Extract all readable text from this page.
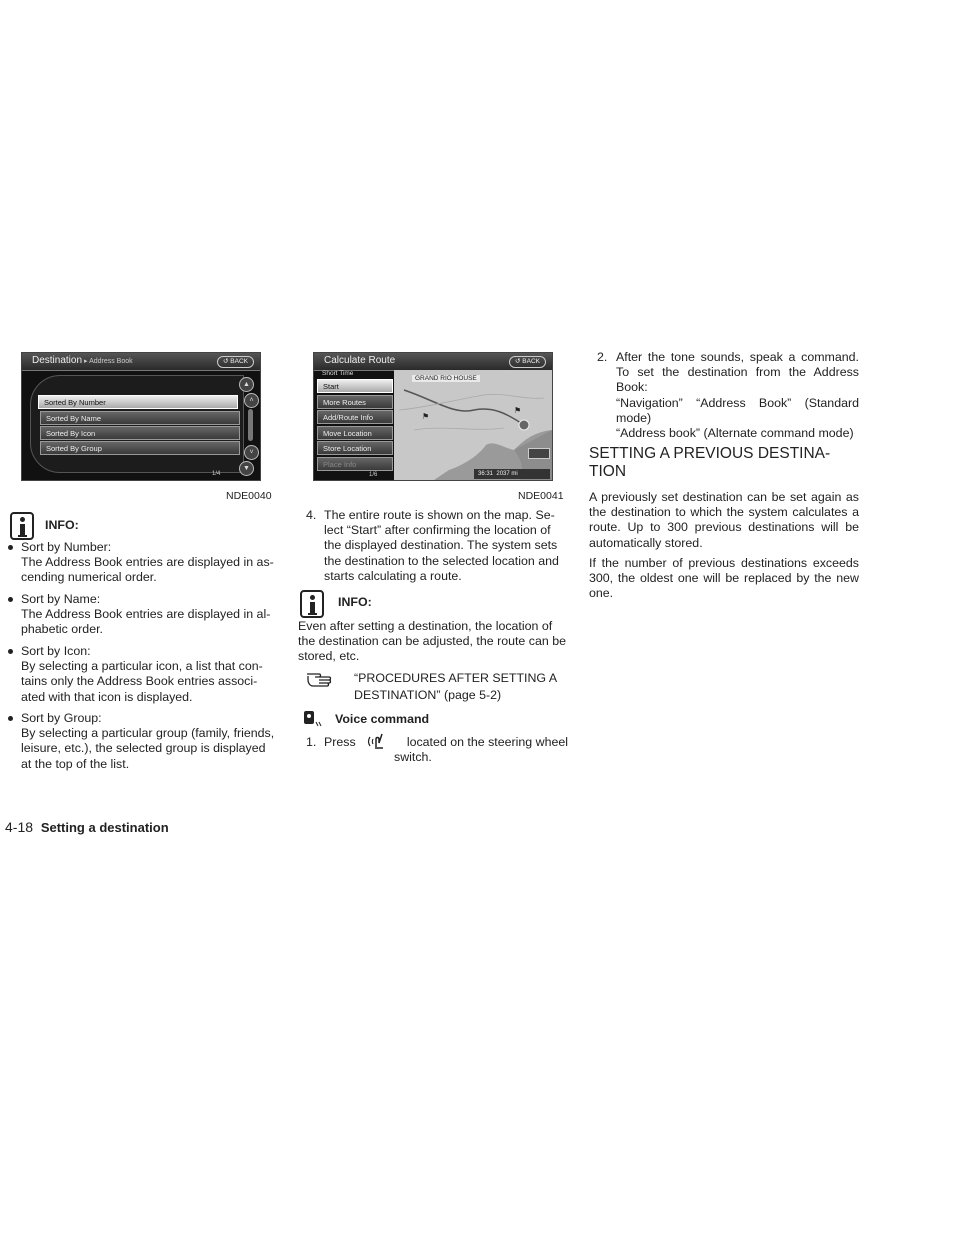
Destination ▸ Address Book	↺ BACK
Sorted By Number
Sorted By Name
Sorted By Icon
Sorted By Group
▲
˄
˅
▼
1/4
NDE0040
Calculate Route	↺ BACK
GRAND RIO HOUSE
⚑
⚑
36:31 2037 mi
Short Time
Start
More Routes
Add/Route Info
Move Location
Store Location
Place Info
1/6
NDE0041
INFO:
Sort by Number:
The Address Book entries are displayed in as-
cending numerical order.
Sort by Name:
The Address Book entries are displayed in al-
phabetic order.
Sort by Icon:
By selecting a particular icon, a list that con-
tains only the Address Book entries associ-
ated with that icon is displayed.
Sort by Group:
By selecting a particular group (family, friends,
leisure, etc.), the selected group is displayed
at the top of the list.
4. The entire route is shown on the map. Se-
lect “Start” after confirming the location of
the displayed destination. The system sets
the destination to the selected location and
starts calculating a route.
INFO:
Even after setting a destination, the location of
the destination can be adjusted, the route can be
stored, etc.
“PROCEDURES AFTER SETTING A
DESTINATION” (page 5-2)
Voice command
1. Press	located on the steering wheel
switch.
2. After the tone sounds, speak a command.
To set the destination from the Address
Book:
“Navigation” “Address Book” (Standard
mode)
“Address book” (Alternate command mode)
SETTING A PREVIOUS DESTINA-
TION
A previously set destination can be set again as
the destination to which the system calculates a
route. Up to 300 previous destinations will be
automatically stored.
If the number of previous destinations exceeds
300, the oldest one will be replaced by the new
one.
4-18 Setting a destination
